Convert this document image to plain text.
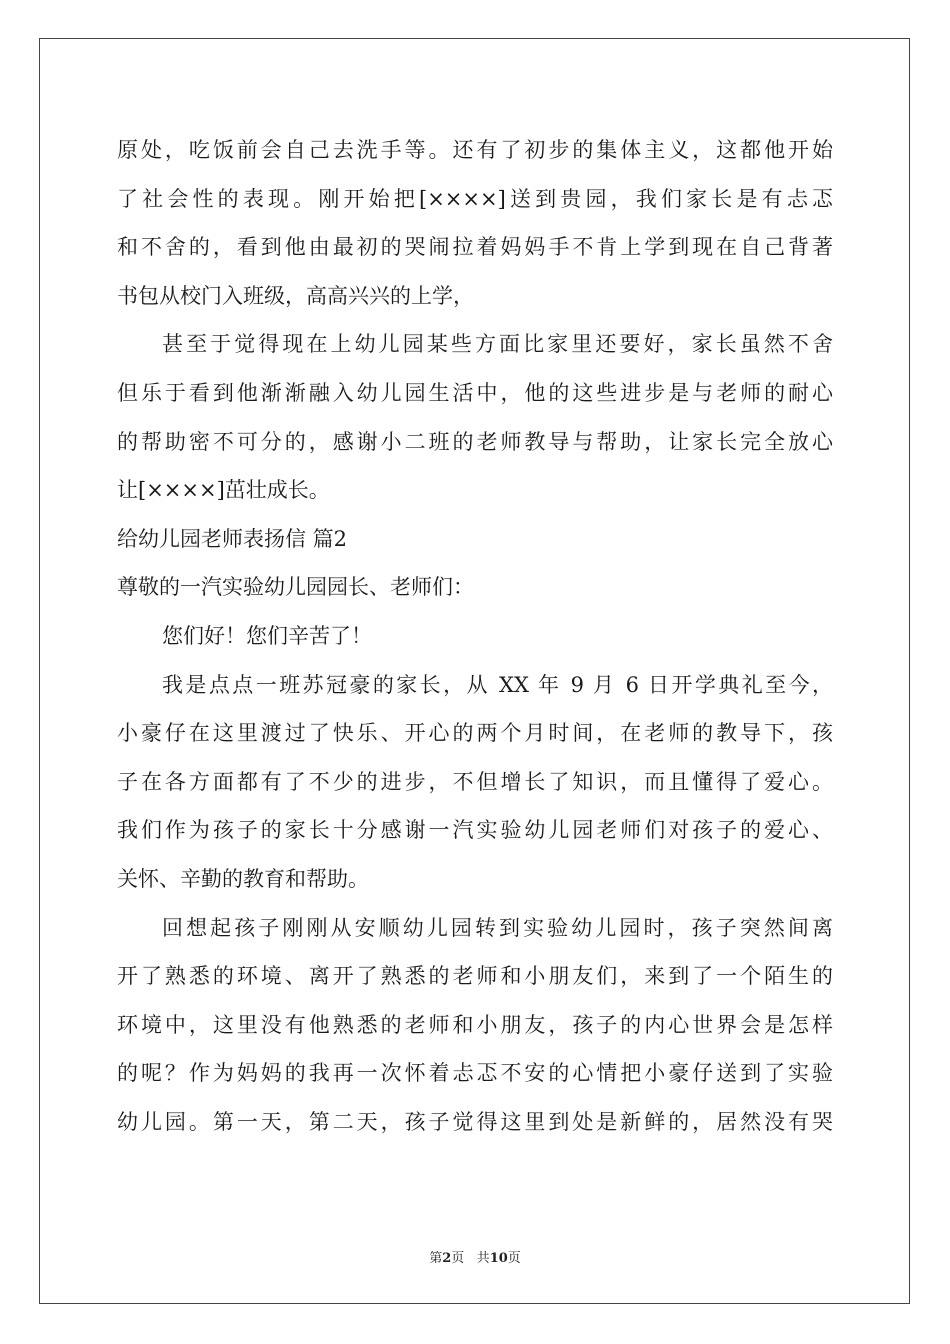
原处，吃饭前会自己去洗手等。还有了初步的集体主义，这都他开始
了社会性的表现。刚开始把[××××]送到贵园，我们家长是有忐忑
和不舍的，看到他由最初的哭闹拉着妈妈手不肯上学到现在自己背著
书包从校门入班级，高高兴兴的上学，
甚至于觉得现在上幼儿园某些方面比家里还要好，家长虽然不舍
但乐于看到他渐渐融入幼儿园生活中，他的这些进步是与老师的耐心
的帮助密不可分的，感谢小二班的老师教导与帮助，让家长完全放心
让[××××]茁壮成长。
给幼儿园老师表扬信 篇2
尊敬的一汽实验幼儿园园长、老师们：
您们好！您们辛苦了！
我是点点一班苏冠豪的家长，从 XX 年 9 月 6 日开学典礼至今，
小豪仔在这里渡过了快乐、开心的两个月时间，在老师的教导下，孩
子在各方面都有了不少的进步，不但增长了知识，而且懂得了爱心。
我们作为孩子的家长十分感谢一汽实验幼儿园老师们对孩子的爱心、
关怀、辛勤的教育和帮助。
回想起孩子刚刚从安顺幼儿园转到实验幼儿园时，孩子突然间离
开了熟悉的环境、离开了熟悉的老师和小朋友们，来到了一个陌生的
环境中，这里没有他熟悉的老师和小朋友，孩子的内心世界会是怎样
的呢？作为妈妈的我再一次怀着忐忑不安的心情把小豪仔送到了实验
幼儿园。第一天，第二天，孩子觉得这里到处是新鲜的，居然没有哭
第2页 共10页
